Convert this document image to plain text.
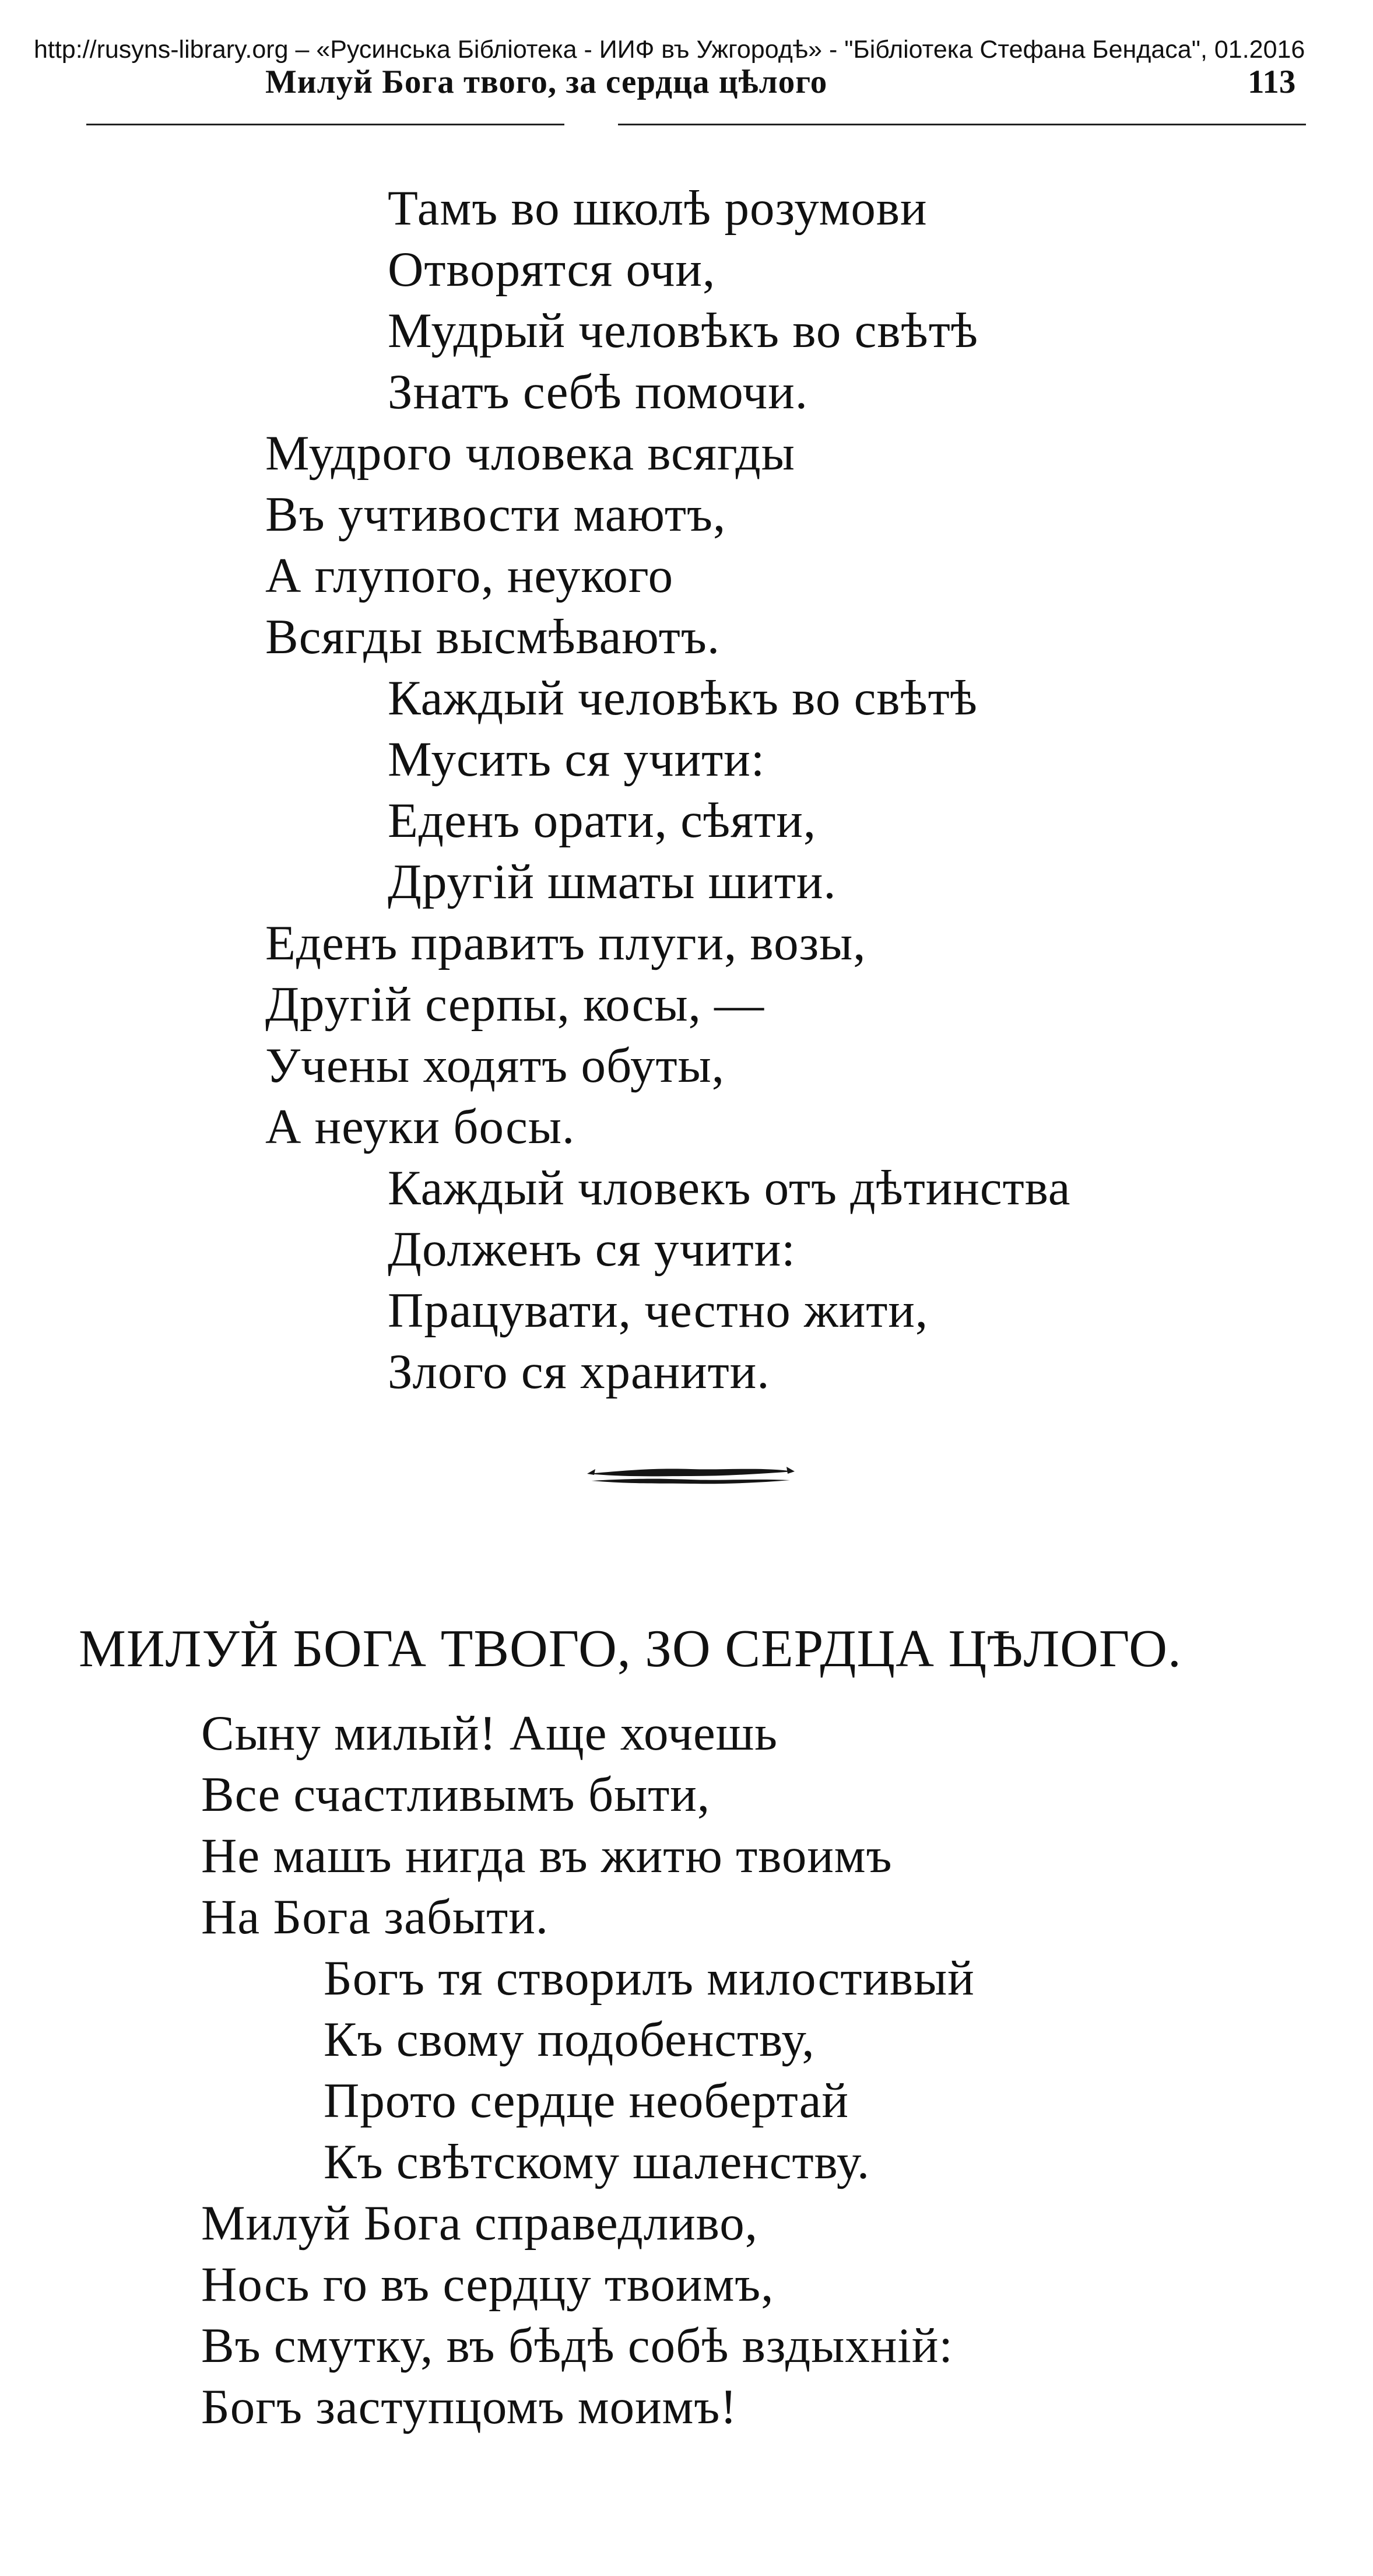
http://rusyns-library.org – «Русинська Бібліотека - ИИФ въ Ужгородѣ» - "Бібліотека Стефана Бендаса", 01.2016
Милуй Бога твого, за сердца цѣлого	113
Тамъ во школѣ розумови
Отворятся очи,
Мудрый человѣкъ во свѣтѣ
Знатъ себѣ помочи.
Мудрого чловека всягды
Въ учтивости маютъ,
А глупого, неукого
Всягды высмѣваютъ.
Каждый человѣкъ во свѣтѣ
Мусить ся учити:
Еденъ орати, сѣяти,
Другій шматы шити.
Еденъ правитъ плуги, возы,
Другій серпы, косы, —
Учены ходятъ обуты,
А неуки босы.
Каждый чловекъ отъ дѣтинства
Долженъ ся учити:
Працувати, честно жити,
Злого ся хранити.
МИЛУЙ БОГА ТВОГО, ЗО СЕРДЦА ЦѢЛОГО.
Сыну милый! Аще хочешь
Все счастливымъ быти,
Не машъ нигда въ житю твоимъ
На Бога забыти.
Богъ тя створилъ милостивый
Къ свому подобенству,
Прото сердце необертай
Къ свѣтскому шаленству.
Милуй Бога справедливо,
Нось го въ сердцу твоимъ,
Въ смутку, въ бѣдѣ собѣ вздыхній:
Богъ заступцомъ моимъ!
